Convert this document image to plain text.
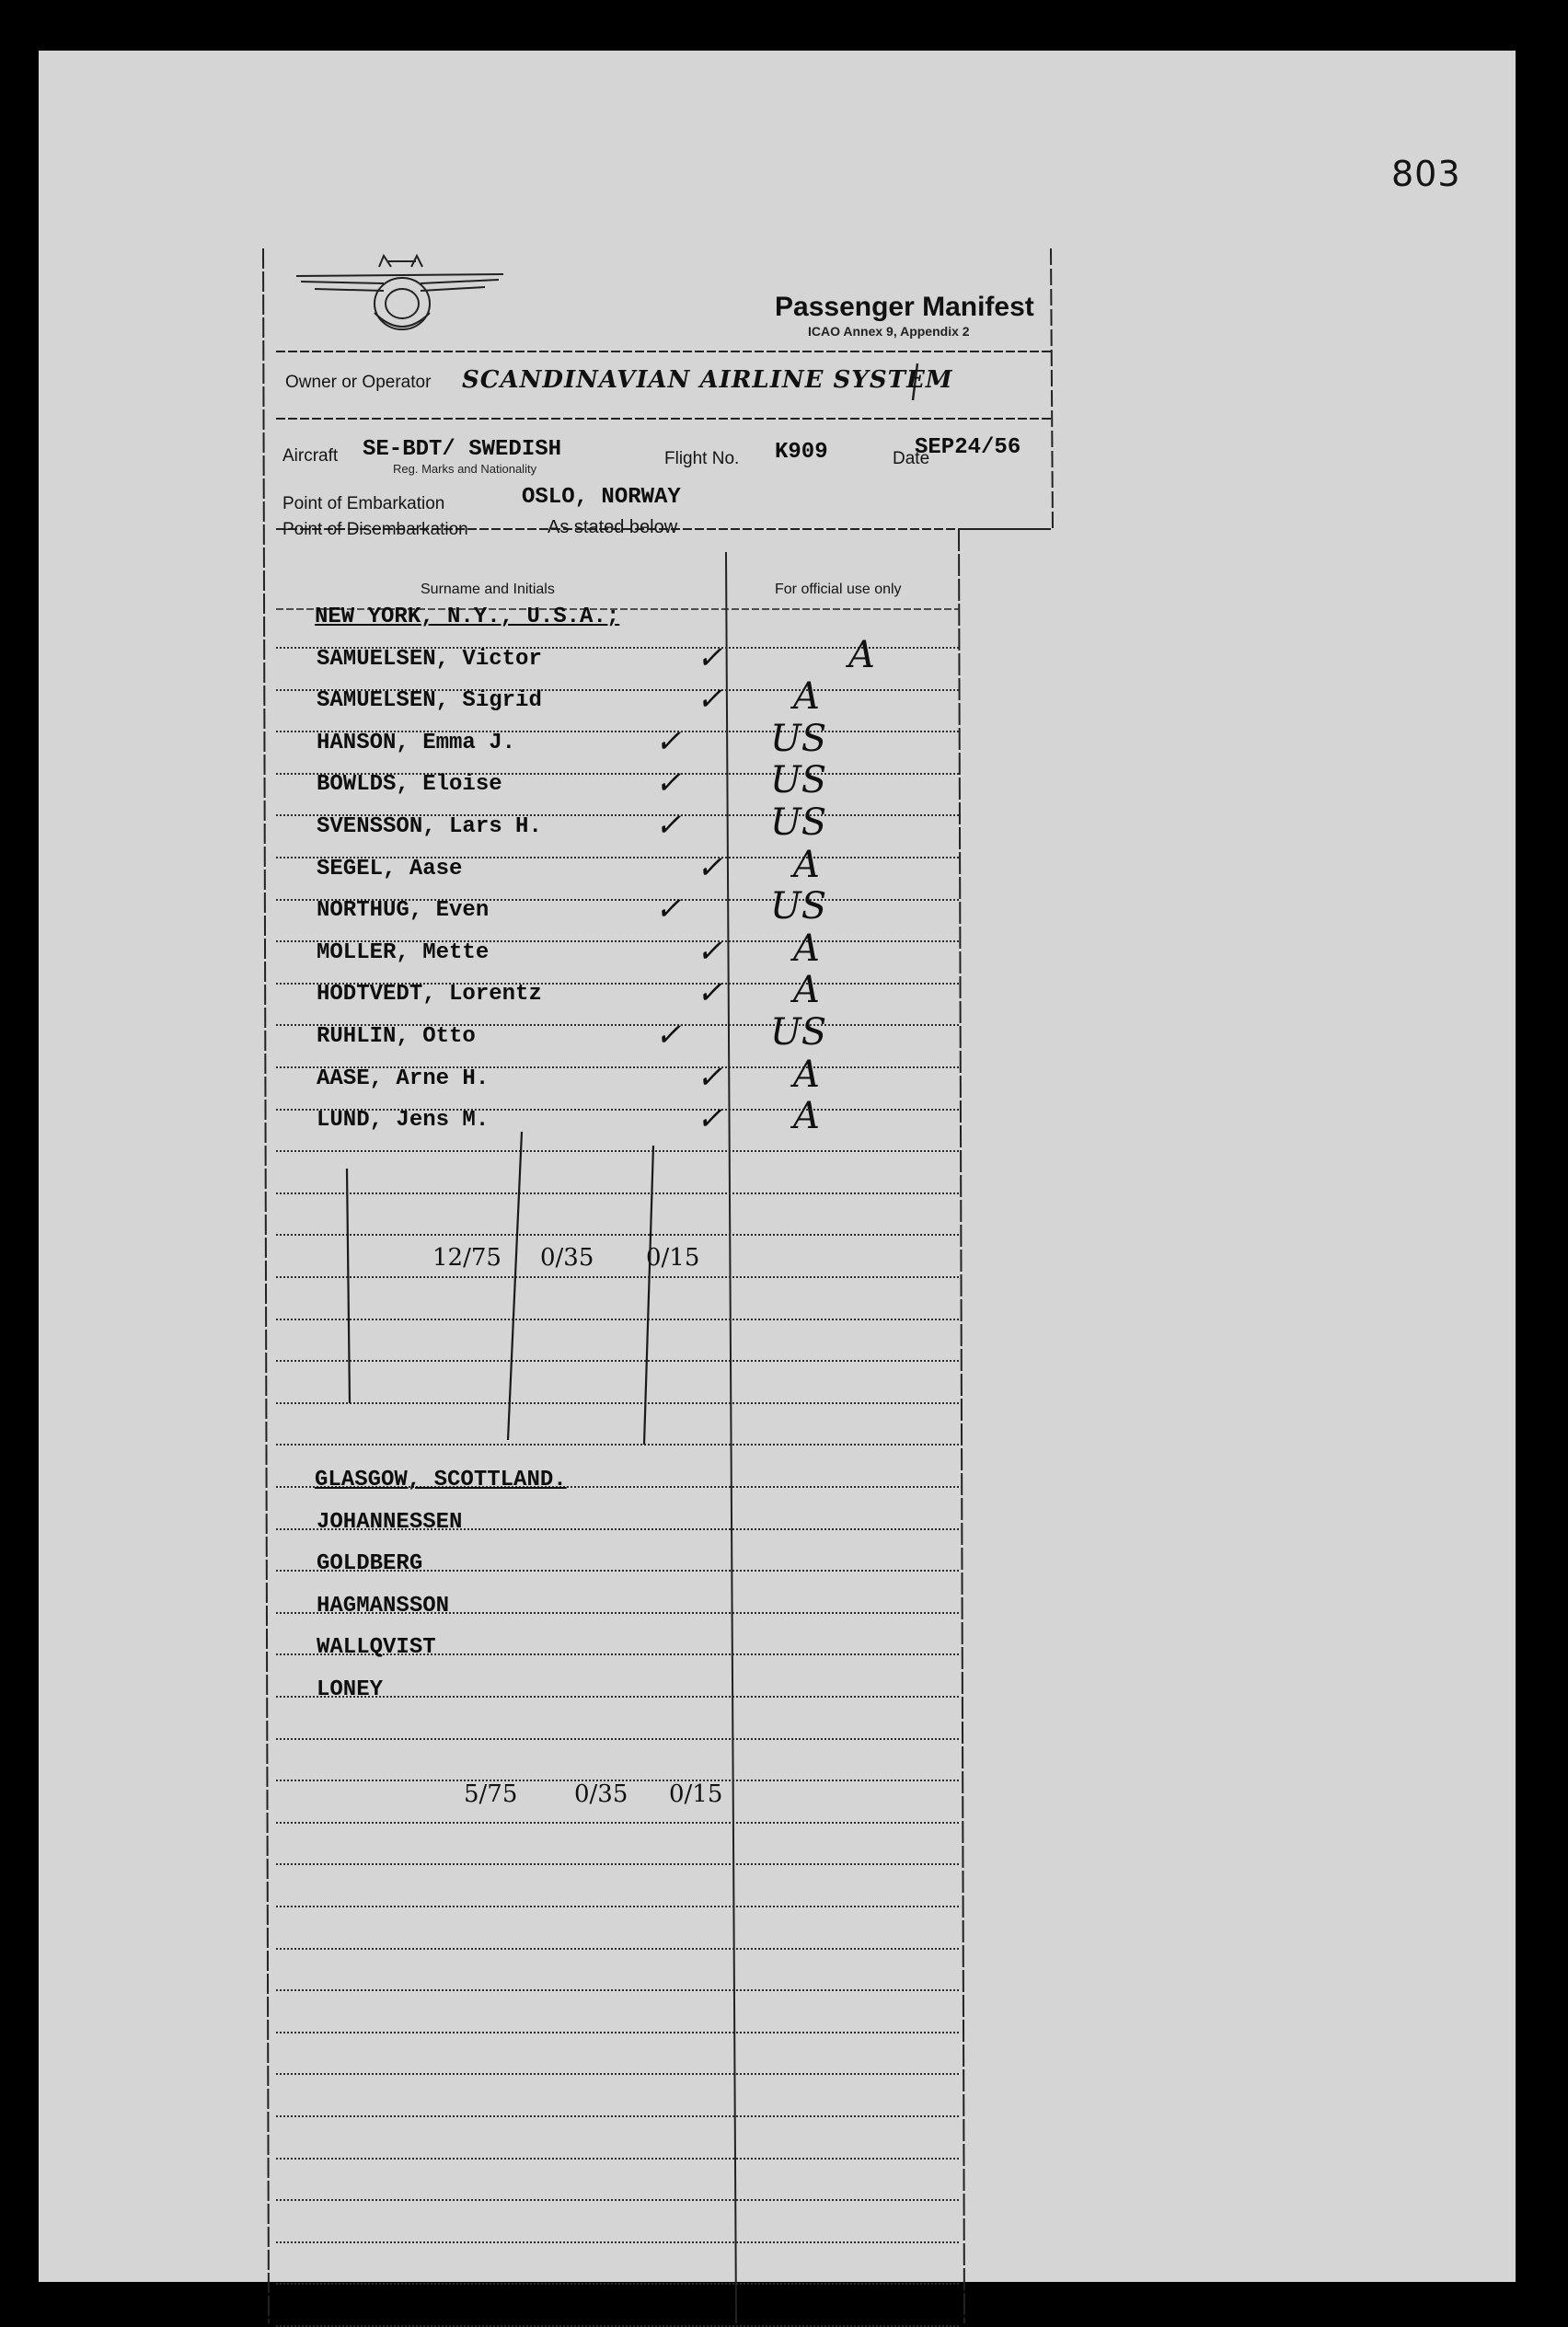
803
Passenger Manifest
ICAO Annex 9, Appendix 2
Owner or Operator SCANDINAVIAN AIRLINE SYSTEM
Aircraft SE-BDT/ SWEDISH
Reg. Marks and Nationality
Flight No. K909	Date
SEP24/56
Point of Embarkation	OSLO, NORWAY
Point of Disembarkation	As stated below
Surname and Initials	For official use only
NEW YORK, N.Y., U.S.A.;
SAMUELSEN, Victor	✓	A
SAMUELSEN, Sigrid	✓ A
HANSON, Emma J.	✓ US
BOWLDS, Eloise	✓ US
SVENSSON, Lars H.	✓ US
SEGEL, Aase	✓ A
NORTHUG, Even	✓ US
MOLLER, Mette	✓ A
HODTVEDT, Lorentz	✓ A
RUHLIN, Otto	✓ US
AASE, Arne H.	✓ A
LUND, Jens M.	✓ A
12/75 0/35 0/15
GLASGOW, SCOTTLAND.
JOHANNESSEN
GOLDBERG
HAGMANSSON
WALLQVIST
LONEY
5/75 0/35 0/15
